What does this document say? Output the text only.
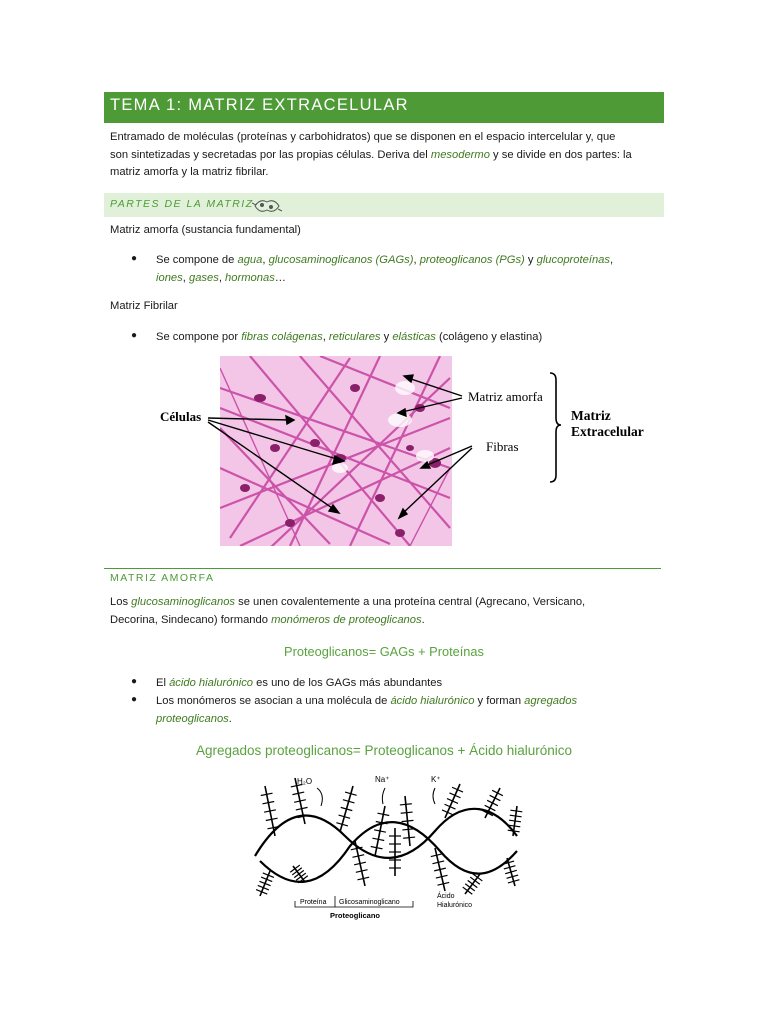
TEMA 1: MATRIZ EXTRACELULAR
Entramado de moléculas (proteínas y carbohidratos) que se disponen en el espacio intercelular y, que
son sintetizadas y secretadas por las propias células. Deriva del mesodermo y se divide en dos partes: la
matriz amorfa y la matriz fibrilar.
PARTES DE LA MATRIZ
Matriz amorfa (sustancia fundamental)
● Se compone de agua, glucosaminoglicanos (GAGs), proteoglicanos (PGs) y glucoproteínas,
iones, gases, hormonas…
Matriz Fibrilar
● Se compone por fibras colágenas, reticulares y elásticas (colágeno y elastina)
Células
Matriz amorfa
Fibras
Matriz
Extracelular
MATRIZ AMORFA
Los glucosaminoglicanos se unen covalentemente a una proteína central (Agrecano, Versicano,
Decorina, Sindecano) formando monómeros de proteoglicanos.
Proteoglicanos= GAGs + Proteínas
● El ácido hialurónico es uno de los GAGs más abundantes
● Los monómeros se asocian a una molécula de ácido hialurónico y forman agregados
proteoglicanos.
Agregados proteoglicanos= Proteoglicanos + Ácido hialurónico
H₂O	Na⁺	K⁺
Proteína Glicosaminoglicano
Proteoglicano
Ácido
Hialurónico
